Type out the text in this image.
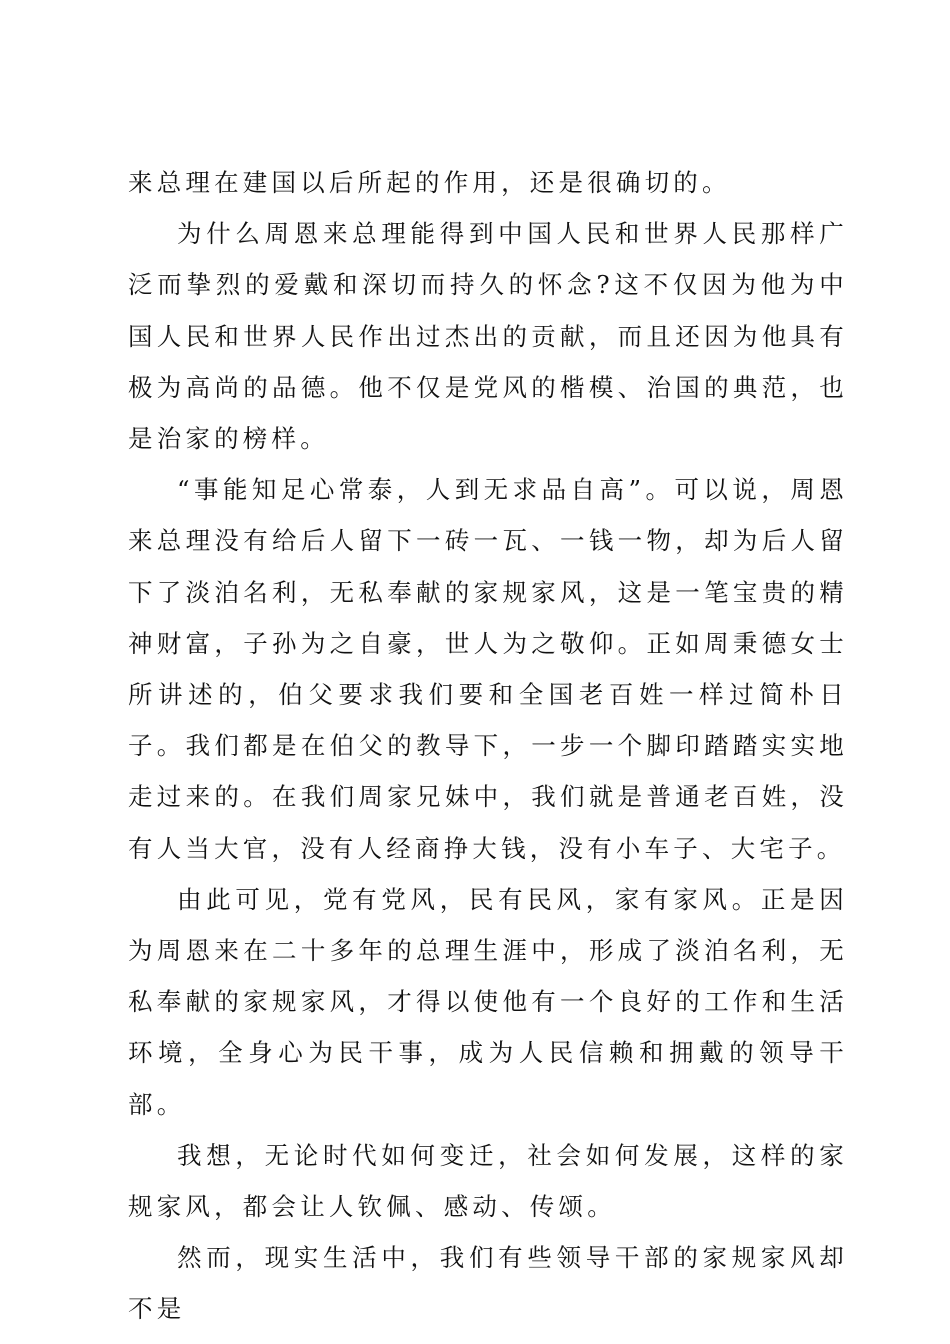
来总理在建国以后所起的作用，还是很确切的。

为什么周恩来总理能得到中国人民和世界人民那样广泛而挚烈的爱戴和深切而持久的怀念?这不仅因为他为中国人民和世界人民作出过杰出的贡献，而且还因为他具有极为高尚的品德。他不仅是党风的楷模、治国的典范，也是治家的榜样。

“事能知足心常泰，人到无求品自高”。可以说，周恩来总理没有给后人留下一砖一瓦、一钱一物，却为后人留下了淡泊名利，无私奉献的家规家风，这是一笔宝贵的精神财富，子孙为之自豪，世人为之敬仰。正如周秉德女士所讲述的，伯父要求我们要和全国老百姓一样过简朴日子。我们都是在伯父的教导下，一步一个脚印踏踏实实地走过来的。在我们周家兄妹中，我们就是普通老百姓，没有人当大官，没有人经商挣大钱，没有小车子、大宅子。

由此可见，党有党风，民有民风，家有家风。正是因为周恩来在二十多年的总理生涯中，形成了淡泊名利，无私奉献的家规家风，才得以使他有一个良好的工作和生活环境，全身心为民干事，成为人民信赖和拥戴的领导干部。

我想，无论时代如何变迁，社会如何发展，这样的家规家风，都会让人钦佩、感动、传颂。

然而，现实生活中，我们有些领导干部的家规家风却不是
